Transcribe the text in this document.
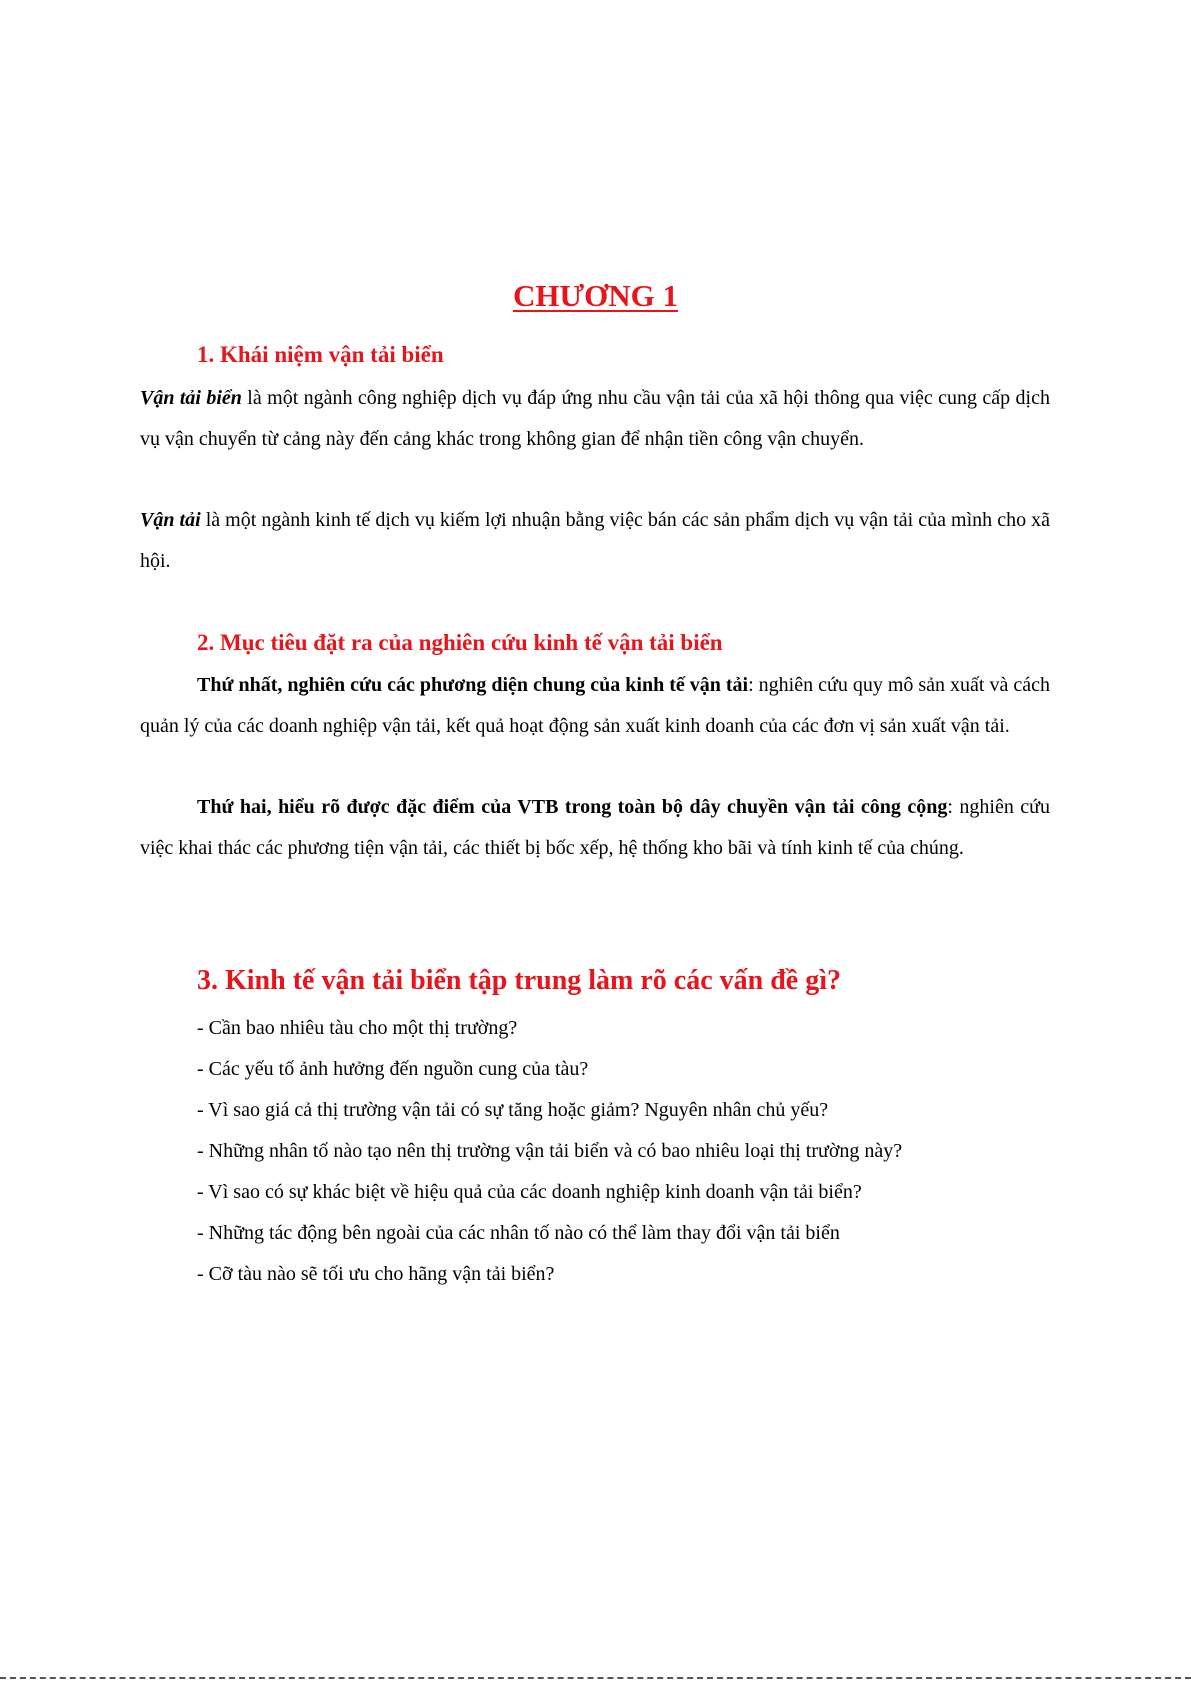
CHƯƠNG 1
1. Khái niệm vận tải biển

Vận tải biển là một ngành công nghiệp dịch vụ đáp ứng nhu cầu vận tải của xã hội thông qua việc cung cấp dịch vụ vận chuyển từ cảng này đến cảng khác trong không gian để nhận tiền công vận chuyển.

Vận tải là một ngành kinh tế dịch vụ kiếm lợi nhuận bằng việc bán các sản phẩm dịch vụ vận tải của mình cho xã hội.

2. Mục tiêu đặt ra của nghiên cứu kinh tế vận tải biển

Thứ nhất, nghiên cứu các phương diện chung của kinh tế vận tải: nghiên cứu quy mô sản xuất và cách quản lý của các doanh nghiệp vận tải, kết quả hoạt động sản xuất kinh doanh của các đơn vị sản xuất vận tải.

Thứ hai, hiểu rõ được đặc điểm của VTB trong toàn bộ dây chuyền vận tải công cộng: nghiên cứu việc khai thác các phương tiện vận tải, các thiết bị bốc xếp, hệ thống kho bãi và tính kinh tế của chúng.

3. Kinh tế vận tải biển tập trung làm rõ các vấn đề gì?
- Cần bao nhiêu tàu cho một thị trường?
- Các yếu tố ảnh hưởng đến nguồn cung của tàu?
- Vì sao giá cả thị trường vận tải có sự tăng hoặc giảm? Nguyên nhân chủ yếu?
- Những nhân tố nào tạo nên thị trường vận tải biển và có bao nhiêu loại thị trường này?
- Vì sao có sự khác biệt về hiệu quả của các doanh nghiệp kinh doanh vận tải biển?
- Những tác động bên ngoài của các nhân tố nào có thể làm thay đổi vận tải biển
- Cỡ tàu nào sẽ tối ưu cho hãng vận tải biển?
